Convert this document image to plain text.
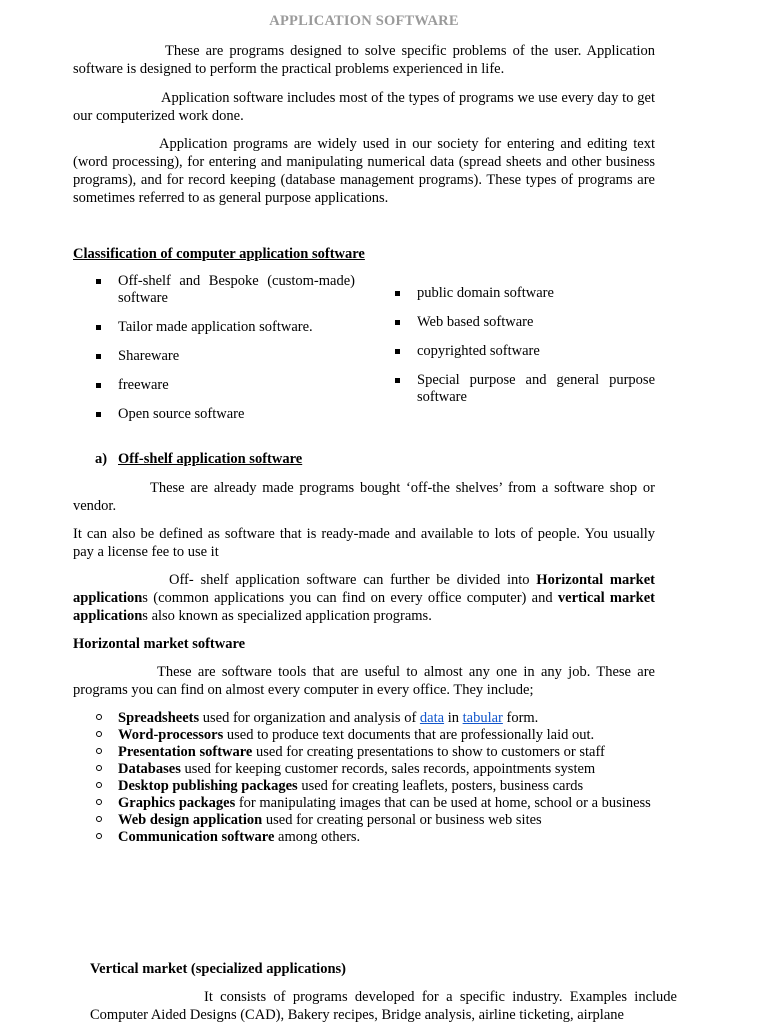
APPLICATION SOFTWARE

These are programs designed to solve specific problems of the user. Application software is designed to perform the practical problems experienced in life.

Application software includes most of the types of programs we use every day to get our computerized work done.

Application programs are widely used in our society for entering and editing text (word processing), for entering and manipulating numerical data (spread sheets and other business programs), and for record keeping (database management programs). These types of programs are sometimes referred to as general purpose applications.

Classification of computer application software
Off-shelf and Bespoke (custom-made) software
Tailor made application software.
Shareware
freeware
Open source software
public domain software
Web based software
copyrighted software
Special purpose and general purpose software
a) Off-shelf application software

These are already made programs bought ‘off-the shelves’ from a software shop or vendor.

It can also be defined as software that is ready-made and available to lots of people. You usually pay a license fee to use it

Off- shelf application software can further be divided into Horizontal market applications (common applications you can find on every office computer) and vertical market applications also known as specialized application programs.

Horizontal market software

These are software tools that are useful to almost any one in any job. These are programs you can find on almost every computer in every office. They include;

Spreadsheets used for organization and analysis of data in tabular form.
Word-processors used to produce text documents that are professionally laid out.
Presentation software used for creating presentations to show to customers or staff
Databases used for keeping customer records, sales records, appointments system
Desktop publishing packages used for creating leaflets, posters, business cards
Graphics packages for manipulating images that can be used at home, school or a business
Web design application used for creating personal or business web sites
Communication software among others.
Vertical market (specialized applications)

It consists of programs developed for a specific industry. Examples include Computer Aided Designs (CAD), Bakery recipes, Bridge analysis, airline ticketing, airplane
